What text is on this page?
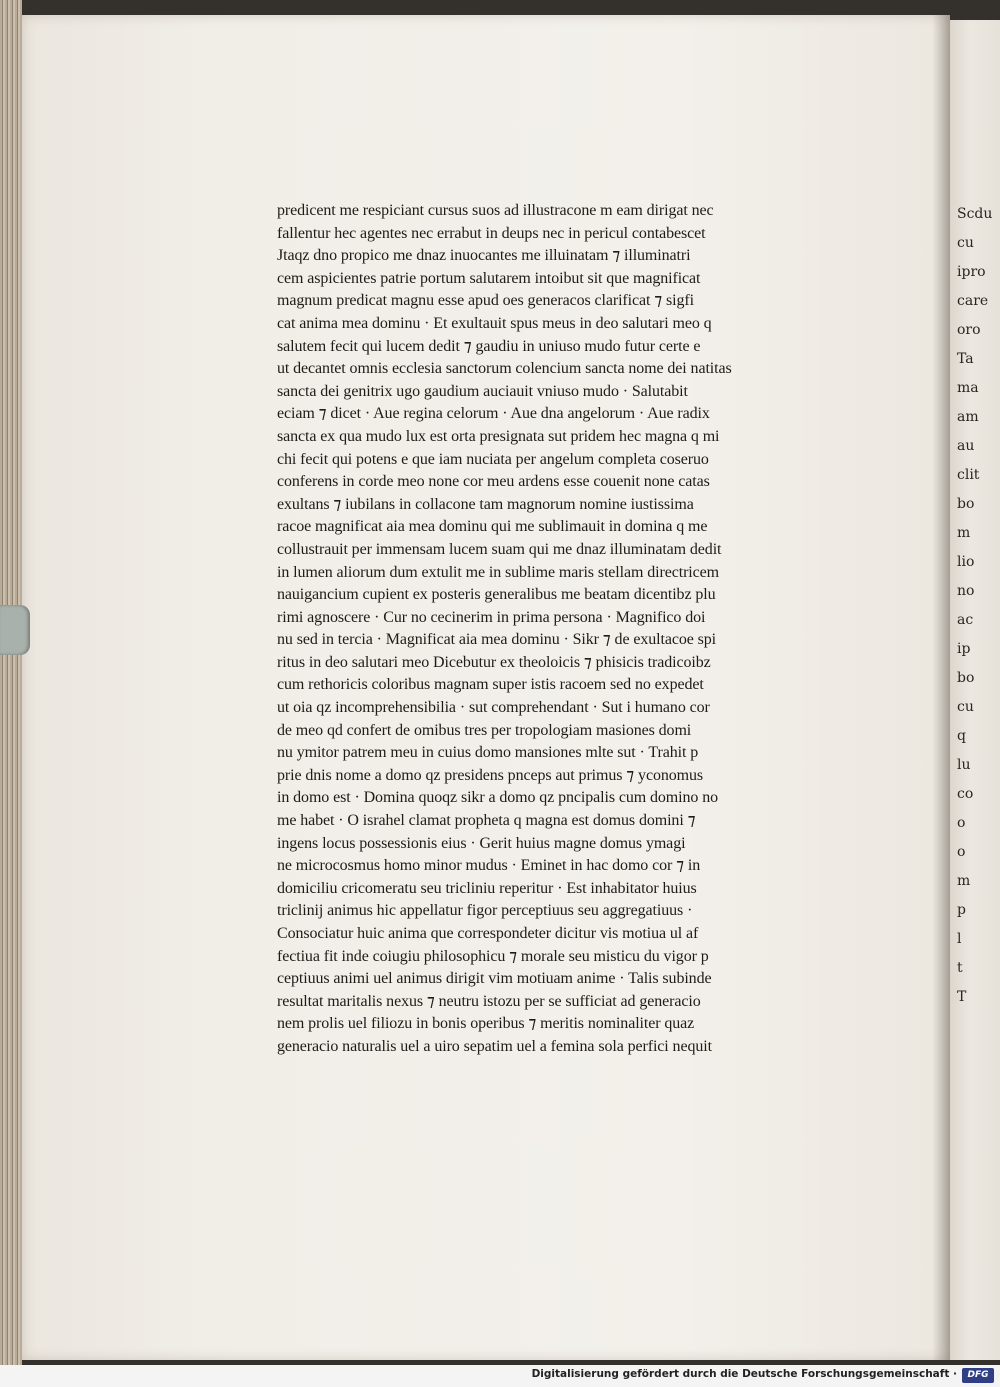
Scdu
cu
ipro
care
oro
Ta
ma
am
au
clit
bo
m
lio
no
ac
ip
bo
cu
q
lu
co
o
o
m
p
l
t
T
predicent me respiciant cursus suos ad illustracone m eam dirigat nec
fallentur hec agentes nec errabut in deups nec in pericul contabescet
Jtaqz dno propico me dnaz inuocantes me illuinatam ⁊ illuminatri
cem aspicientes patrie portum salutarem intoibut sit que magnificat
magnum predicat magnu esse apud oes generacos clarificat ⁊ sigfi
cat anima mea dominu · Et exultauit spus meus in deo salutari meo q
salutem fecit qui lucem dedit ⁊ gaudiu in uniuso mudo futur certe e
ut decantet omnis ecclesia sanctorum colencium sancta nome dei natitas
sancta dei genitrix ugo gaudium auciauit vniuso mudo · Salutabit
eciam ⁊ dicet · Aue regina celorum · Aue dna angelorum · Aue radix
sancta ex qua mudo lux est orta presignata sut pridem hec magna q mi
chi fecit qui potens e que iam nuciata per angelum completa coseruo
conferens in corde meo none cor meu ardens esse couenit none catas
exultans ⁊ iubilans in collacone tam magnorum nomine iustissima
racoe magnificat aia mea dominu qui me sublimauit in domina q me
collustrauit per immensam lucem suam qui me dnaz illuminatam dedit
in lumen aliorum dum extulit me in sublime maris stellam directricem
nauigancium cupient ex posteris generalibus me beatam dicentibz plu
rimi agnoscere · Cur no cecinerim in prima persona · Magnifico doi
nu sed in tercia · Magnificat aia mea dominu · Sikr ⁊ de exultacoe spi
ritus in deo salutari meo Dicebutur ex theoloicis ⁊ phisicis tradicoibz
cum rethoricis coloribus magnam super istis racoem sed no expedet
ut oia qz incomprehensibilia · sut comprehendant · Sut i humano cor
de meo qd confert de omibus tres per tropologiam masiones domi
nu ymitor patrem meu in cuius domo mansiones mlte sut · Trahit p
prie dnis nome a domo qz presidens pnceps aut primus ⁊ yconomus
in domo est · Domina quoqz sikr a domo qz pncipalis cum domino no
me habet · O israhel clamat propheta q magna est domus domini ⁊
ingens locus possessionis eius · Gerit huius magne domus ymagi
ne microcosmus homo minor mudus · Eminet in hac domo cor ⁊ in
domiciliu cricomeratu seu tricliniu reperitur · Est inhabitator huius
triclinij animus hic appellatur figor perceptiuus seu aggregatiuus ·
Consociatur huic anima que correspondeter dicitur vis motiua ul af
fectiua fit inde coiugiu philosophicu ⁊ morale seu misticu du vigor p
ceptiuus animi uel animus dirigit vim motiuam anime · Talis subinde
resultat maritalis nexus ⁊ neutru istozu per se sufficiat ad generacio
nem prolis uel filiozu in bonis operibus ⁊ meritis nominaliter quaz
generacio naturalis uel a uiro sepatim uel a femina sola perfici nequit
Digitalisierung gefördert durch die Deutsche Forschungsgemeinschaft ·	DFG
